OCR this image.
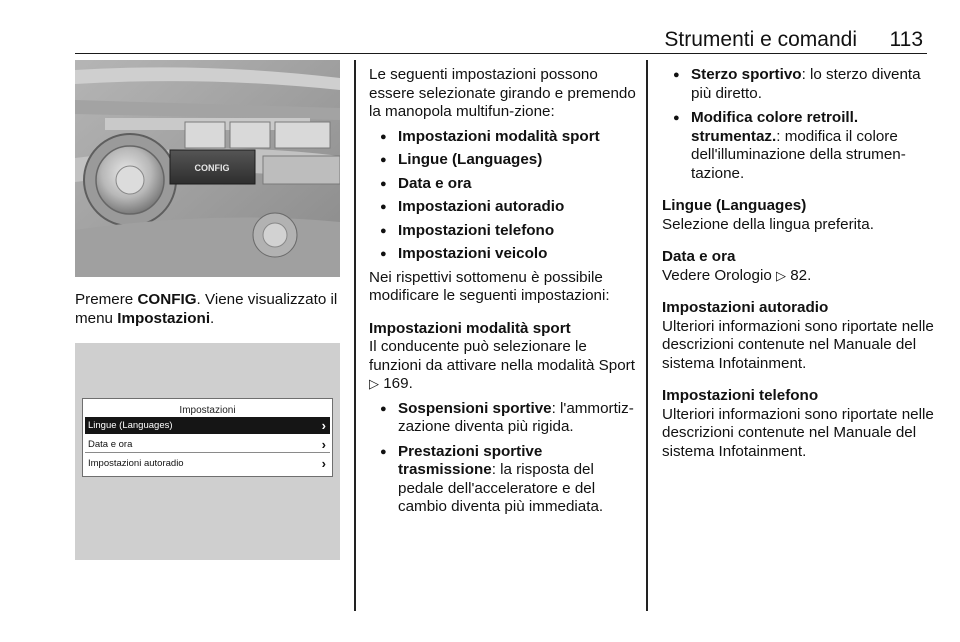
Strumenti e comandi 113
CONFIG

Premere CONFIG. Viene visualizzato il menu Impostazioni.

Impostazioni
Lingue (Languages)	›
Data e ora	›
Impostazioni autoradio	›

Le seguenti impostazioni possono essere selezionate girando e premendo la manopola multifun-zione:

● Impostazioni modalità sport
● Lingue (Languages)
● Data e ora
● Impostazioni autoradio
● Impostazioni telefono
● Impostazioni veicolo

Nei rispettivi sottomenu è possibile modificare le seguenti impostazioni:

Impostazioni modalità sport

Il conducente può selezionare le funzioni da attivare nella modalità Sport ▷ 169.

● Sospensioni sportive: l'ammortiz-zazione diventa più rigida.
● Prestazioni sportive trasmissione: la risposta del pedale dell'acceleratore e del cambio diventa più immediata.
● Sterzo sportivo: lo sterzo diventa più diretto.
● Modifica colore retroill. strumentaz.: modifica il colore dell'illuminazione della strumen-tazione.

Lingue (Languages)

Selezione della lingua preferita.

Data e ora

Vedere Orologio ▷ 82.

Impostazioni autoradio

Ulteriori informazioni sono riportate nelle descrizioni contenute nel Manuale del sistema Infotainment.

Impostazioni telefono

Ulteriori informazioni sono riportate nelle descrizioni contenute nel Manuale del sistema Infotainment.
